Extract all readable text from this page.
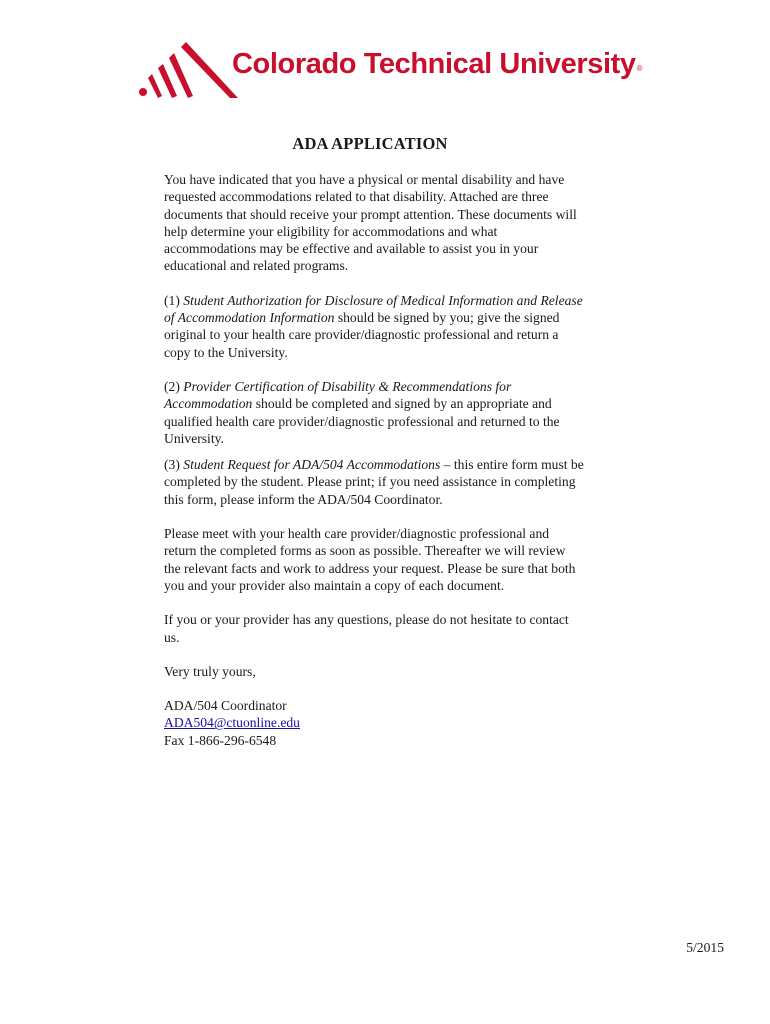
Colorado Technical University®
ADA APPLICATION

You have indicated that you have a physical or mental disability and have requested accommodations related to that disability. Attached are three documents that should receive your prompt attention. These documents will help determine your eligibility for accommodations and what accommodations may be effective and available to assist you in your educational and related programs.

(1) Student Authorization for Disclosure of Medical Information and Release of Accommodation Information should be signed by you; give the signed original to your health care provider/diagnostic professional and return a copy to the University.

(2) Provider Certification of Disability & Recommendations for Accommodation should be completed and signed by an appropriate and qualified health care provider/diagnostic professional and returned to the University.

(3) Student Request for ADA/504 Accommodations – this entire form must be completed by the student. Please print; if you need assistance in completing this form, please inform the ADA/504 Coordinator.

Please meet with your health care provider/diagnostic professional and return the completed forms as soon as possible. Thereafter we will review the relevant facts and work to address your request. Please be sure that both you and your provider also maintain a copy of each document.

If you or your provider has any questions, please do not hesitate to contact us.

Very truly yours,

ADA/504 Coordinator

ADA504@ctuonline.edu

Fax 1-866-296-6548

5/2015
